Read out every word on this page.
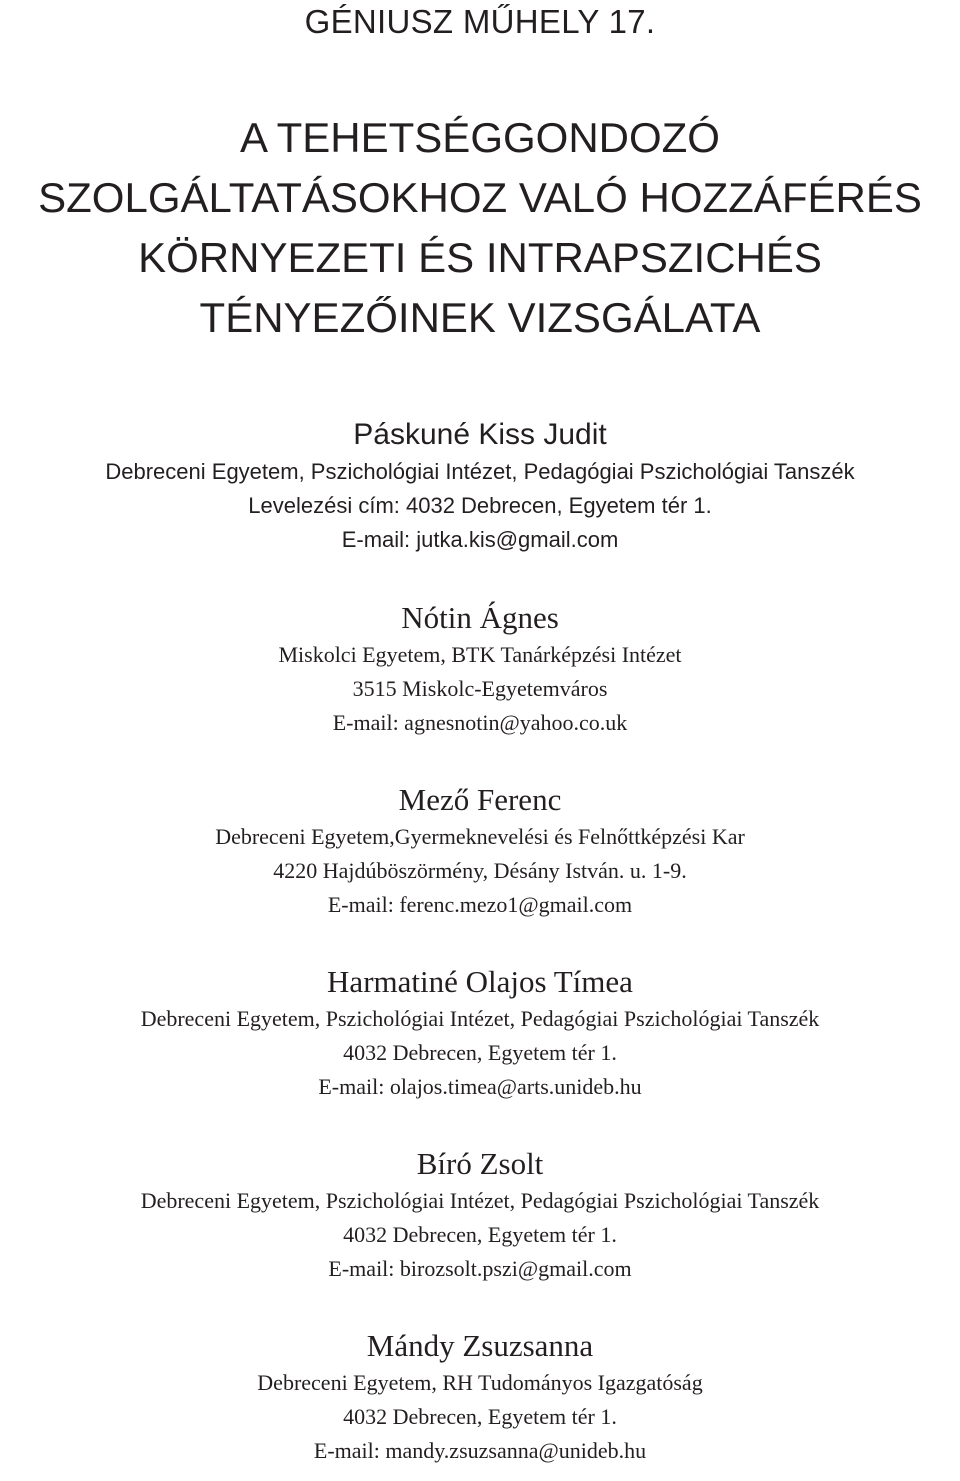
GÉNIUSZ MŰHELY 17.
A TEHETSÉGGONDOZÓ
SZOLGÁLTATÁSOKHOZ VALÓ HOZZÁFÉRÉS
KÖRNYEZETI ÉS INTRAPSZICHÉS
TÉNYEZŐINEK VIZSGÁLATA
Páskuné Kiss Judit
Debreceni Egyetem, Pszichológiai Intézet, Pedagógiai Pszichológiai Tanszék
Levelezési cím: 4032 Debrecen, Egyetem tér 1.
E-mail: jutka.kis@gmail.com
Nótin Ágnes
Miskolci Egyetem, BTK Tanárképzési Intézet
3515 Miskolc-Egyetemváros
E-mail: agnesnotin@yahoo.co.uk
Mező Ferenc
Debreceni Egyetem,Gyermeknevelési és Felnőttképzési Kar
4220 Hajdúböszörmény, Désány István. u. 1-9.
E-mail: ferenc.mezo1@gmail.com
Harmatiné Olajos Tímea
Debreceni Egyetem, Pszichológiai Intézet, Pedagógiai Pszichológiai Tanszék
4032 Debrecen, Egyetem tér 1.
E-mail: olajos.timea@arts.unideb.hu
Bíró Zsolt
Debreceni Egyetem, Pszichológiai Intézet, Pedagógiai Pszichológiai Tanszék
4032 Debrecen, Egyetem tér 1.
E-mail: birozsolt.pszi@gmail.com
Mándy Zsuzsanna
Debreceni Egyetem, RH Tudományos Igazgatóság
4032 Debrecen, Egyetem tér 1.
E-mail: mandy.zsuzsanna@unideb.hu
